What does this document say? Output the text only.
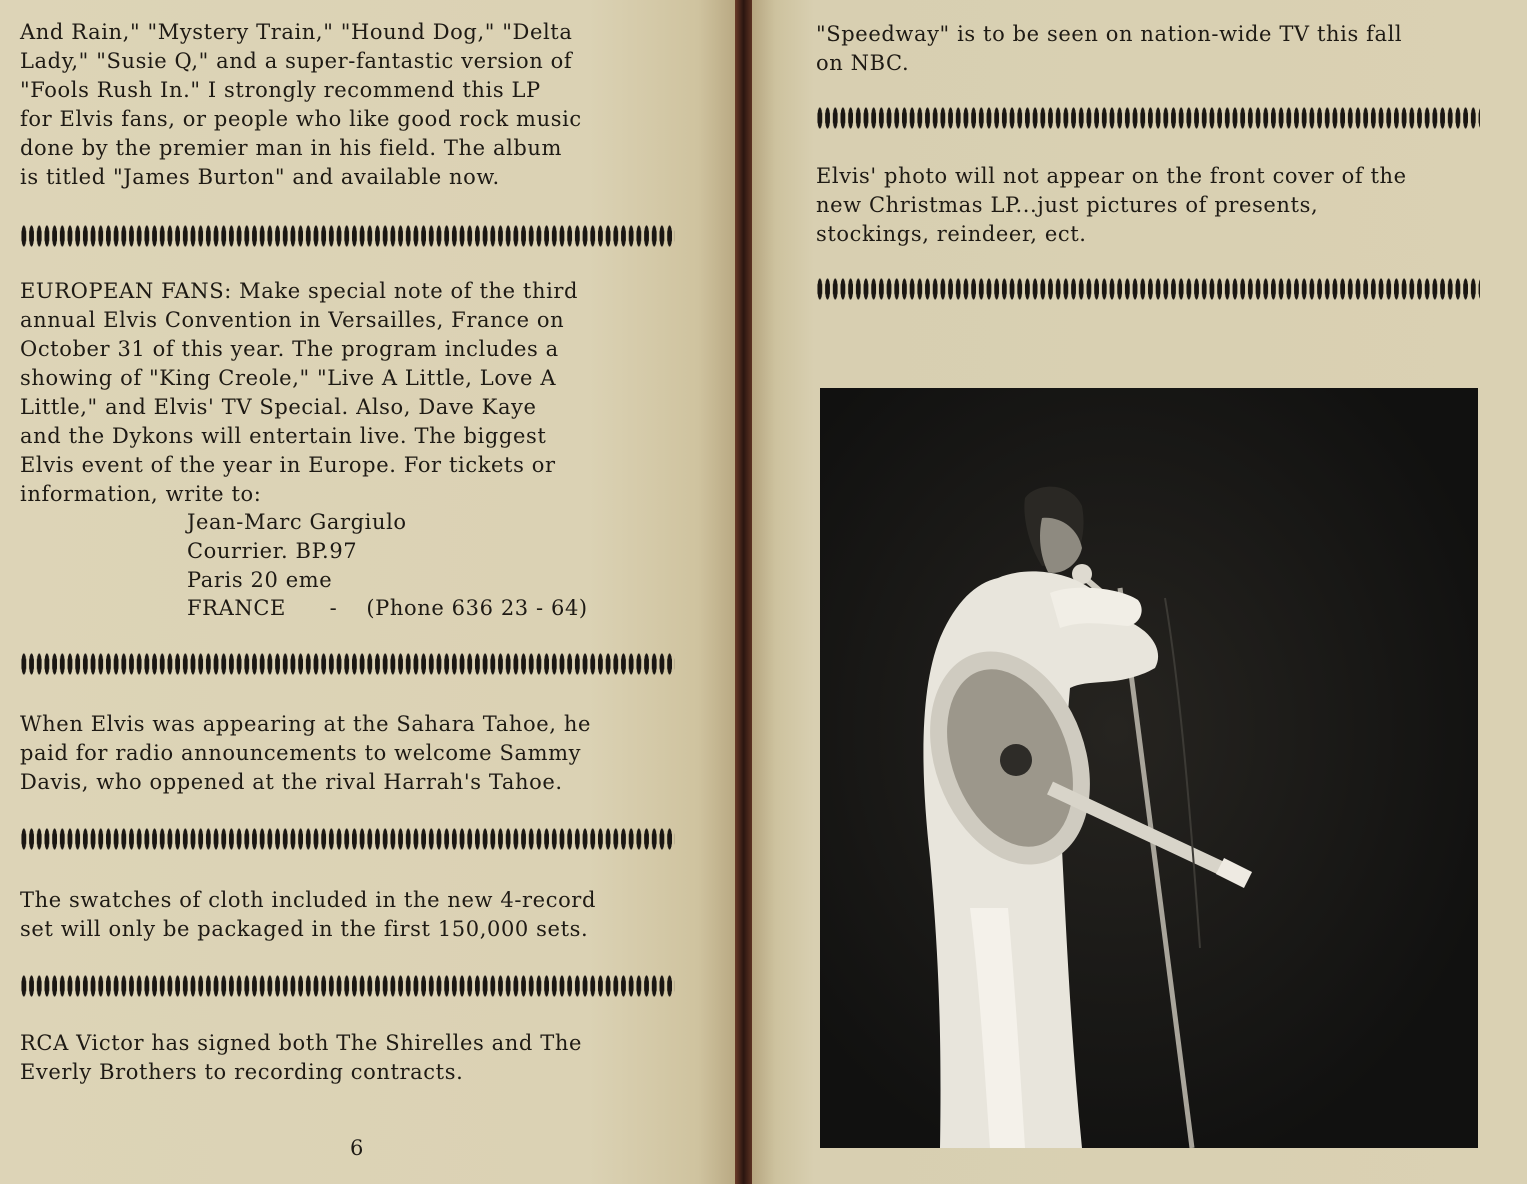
And Rain," "Mystery Train," "Hound Dog," "Delta
Lady," "Susie Q," and a super-fantastic version of
"Fools Rush In." I strongly recommend this LP
for Elvis fans, or people who like good rock music
done by the premier man in his field. The album
is titled "James Burton" and available now.

EUROPEAN FANS: Make special note of the third
annual Elvis Convention in Versailles, France on
October 31 of this year. The program includes a
showing of "King Creole," "Live A Little, Love A
Little," and Elvis' TV Special. Also, Dave Kaye
and the Dykons will entertain live. The biggest
Elvis event of the year in Europe. For tickets or
information, write to:

Jean-Marc Gargiulo
Courrier. BP.97
Paris 20 eme
FRANCE      -    (Phone 636 23 - 64)

When Elvis was appearing at the Sahara Tahoe, he
paid for radio announcements to welcome Sammy
Davis, who oppened at the rival Harrah's Tahoe.

The swatches of cloth included in the new 4-record
set will only be packaged in the first 150,000 sets.

RCA Victor has signed both The Shirelles and The
Everly Brothers to recording contracts.

6

"Speedway" is to be seen on nation-wide TV this fall
on NBC.

Elvis' photo will not appear on the front cover of the
new Christmas LP...just pictures of presents,
stockings, reindeer, ect.
